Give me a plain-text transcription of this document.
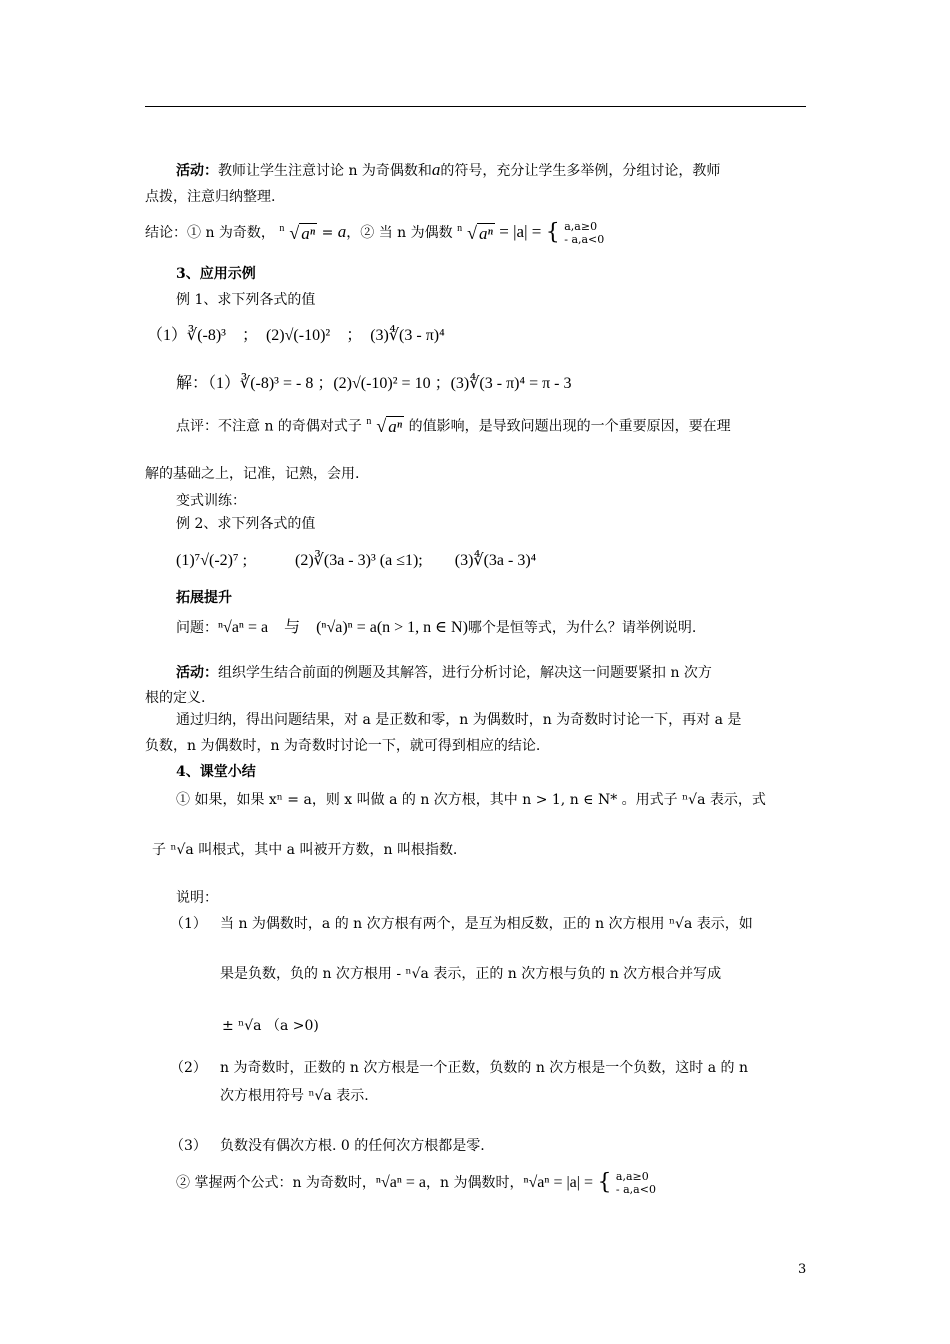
活动：教师让学生注意讨论 n 为奇偶数和a的符号，充分让学生多举例，分组讨论，教师
点拨，注意归纳整理.
结论：① n 为奇数， n √ aⁿ = a，② 当 n 为偶数 n √ aⁿ = |a| = { a,a≥0
- a,a<0
3、应用示例
例 1、求下列各式的值
（1）∛(-8)³　；　(2)√(-10)²　；　(3)∜(3 - π)⁴
解：（1）∛(-8)³ = - 8 ；(2)√(-10)² = 10 ；(3)∜(3 - π)⁴ = π - 3
点评：不注意 n 的奇偶对式子 n √ aⁿ 的值影响，是导致问题出现的一个重要原因，要在理
解的基础之上，记准，记熟，会用.
变式训练：
例 2、求下列各式的值
(1)⁷√(-2)⁷ ;　　　(2)∛(3a - 3)³ (a ≤1);　　(3)∜(3a - 3)⁴
拓展提升
问题：ⁿ√aⁿ = a　与　(ⁿ√a)ⁿ = a(n > 1, n ∈ N)哪个是恒等式，为什么？请举例说明.
活动：组织学生结合前面的例题及其解答，进行分析讨论，解决这一问题要紧扣 n 次方
根的定义.
通过归纳，得出问题结果，对 a 是正数和零，n 为偶数时，n 为奇数时讨论一下，再对 a 是
负数，n 为偶数时，n 为奇数时讨论一下，就可得到相应的结论.
4、课堂小结
① 如果，如果 xⁿ = a，则 x 叫做 a 的 n 次方根，其中 n > 1, n ∈ N* 。用式子 ⁿ√a 表示，式
子 ⁿ√a 叫根式，其中 a 叫被开方数，n 叫根指数.
说明：
（1） 当 n 为偶数时，a 的 n 次方根有两个，是互为相反数，正的 n 次方根用 ⁿ√a 表示，如
果是负数，负的 n 次方根用 - ⁿ√a 表示，正的 n 次方根与负的 n 次方根合并写成
± ⁿ√a （a >0)
（2） n 为奇数时，正数的 n 次方根是一个正数，负数的 n 次方根是一个负数，这时 a 的 n
次方根用符号 ⁿ√a 表示.
（3） 负数没有偶次方根. 0 的任何次方根都是零.
② 掌握两个公式：n 为奇数时，ⁿ√aⁿ = a，n 为偶数时，ⁿ√aⁿ = |a| = { a,a≥0
- a,a<0
3
